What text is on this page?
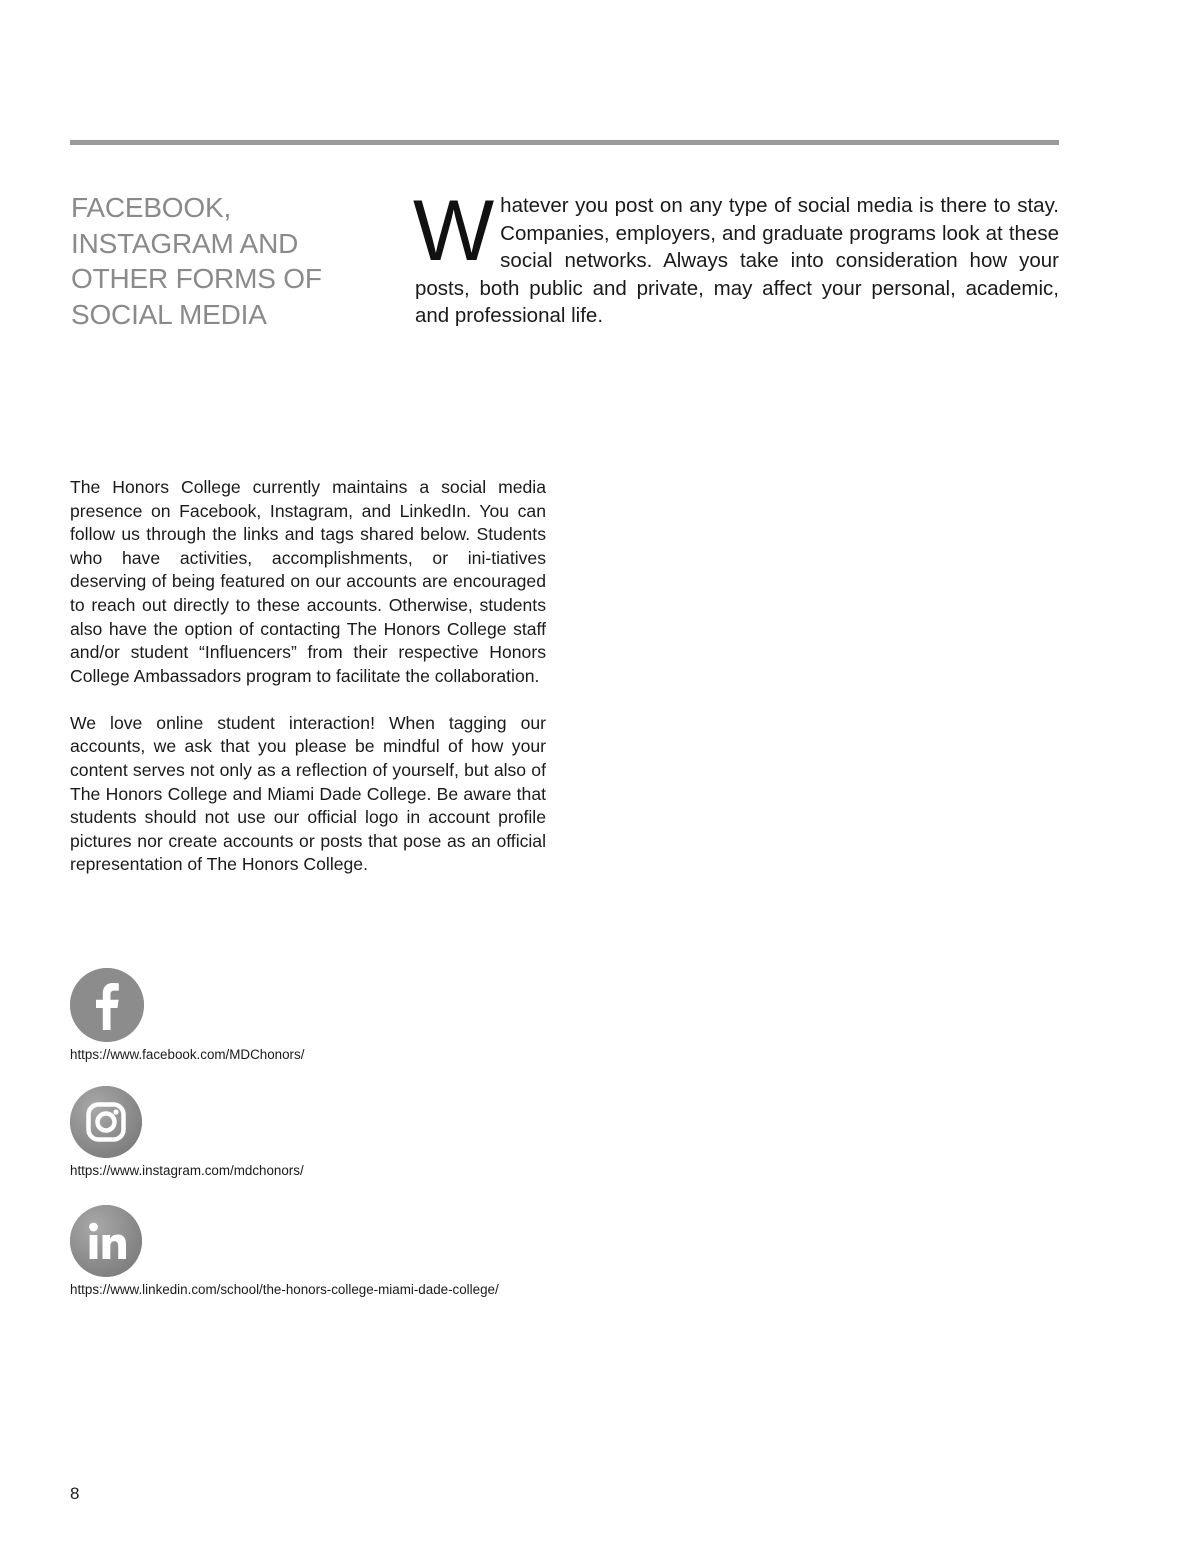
FACEBOOK, INSTAGRAM AND OTHER FORMS OF SOCIAL MEDIA

Whatever you post on any type of social media is there to stay. Companies, employers, and graduate programs look at these social networks. Always take into consideration how your posts, both public and private, may affect your personal, academic, and professional life.

The Honors College currently maintains a social media presence on Facebook, Instagram, and LinkedIn. You can follow us through the links and tags shared below. Students who have activities, accomplishments, or ini-tiatives deserving of being featured on our accounts are encouraged to reach out directly to these accounts. Otherwise, students also have the option of contacting The Honors College staff and/or student “Influencers” from their respective Honors College Ambassadors program to facilitate the collaboration.

We love online student interaction! When tagging our accounts, we ask that you please be mindful of how your content serves not only as a reflection of yourself, but also of The Honors College and Miami Dade College. Be aware that students should not use our official logo in account profile pictures nor create accounts or posts that pose as an official representation of The Honors College.

https://www.facebook.com/MDChonors/
https://www.instagram.com/mdchonors/
https://www.linkedin.com/school/the-honors-college-miami-dade-college/
8
